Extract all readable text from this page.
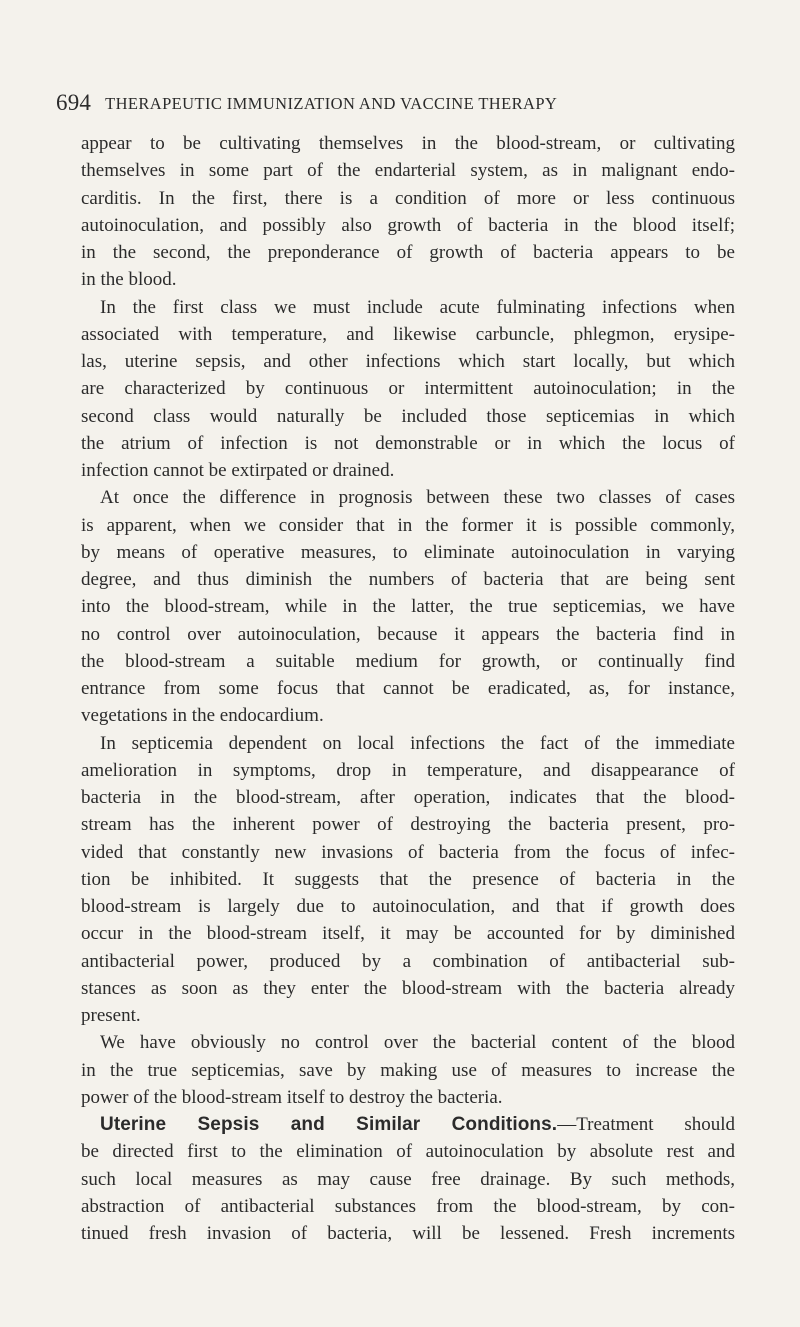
694 THERAPEUTIC IMMUNIZATION AND VACCINE THERAPY
appear to be cultivating themselves in the blood-stream, or cultivating
themselves in some part of the endarterial system, as in malignant endo-
carditis. In the first, there is a condition of more or less continuous
autoinoculation, and possibly also growth of bacteria in the blood itself;
in the second, the preponderance of growth of bacteria appears to be
in the blood.
In the first class we must include acute fulminating infections when
associated with temperature, and likewise carbuncle, phlegmon, erysipe-
las, uterine sepsis, and other infections which start locally, but which
are characterized by continuous or intermittent autoinoculation; in the
second class would naturally be included those septicemias in which
the atrium of infection is not demonstrable or in which the locus of
infection cannot be extirpated or drained.
At once the difference in prognosis between these two classes of cases
is apparent, when we consider that in the former it is possible commonly,
by means of operative measures, to eliminate autoinoculation in varying
degree, and thus diminish the numbers of bacteria that are being sent
into the blood-stream, while in the latter, the true septicemias, we have
no control over autoinoculation, because it appears the bacteria find in
the blood-stream a suitable medium for growth, or continually find
entrance from some focus that cannot be eradicated, as, for instance,
vegetations in the endocardium.
In septicemia dependent on local infections the fact of the immediate
amelioration in symptoms, drop in temperature, and disappearance of
bacteria in the blood-stream, after operation, indicates that the blood-
stream has the inherent power of destroying the bacteria present, pro-
vided that constantly new invasions of bacteria from the focus of infec-
tion be inhibited. It suggests that the presence of bacteria in the
blood-stream is largely due to autoinoculation, and that if growth does
occur in the blood-stream itself, it may be accounted for by diminished
antibacterial power, produced by a combination of antibacterial sub-
stances as soon as they enter the blood-stream with the bacteria already
present.
We have obviously no control over the bacterial content of the blood
in the true septicemias, save by making use of measures to increase the
power of the blood-stream itself to destroy the bacteria.
Uterine Sepsis and Similar Conditions.—Treatment should
be directed first to the elimination of autoinoculation by absolute rest and
such local measures as may cause free drainage. By such methods,
abstraction of antibacterial substances from the blood-stream, by con-
tinued fresh invasion of bacteria, will be lessened. Fresh increments
